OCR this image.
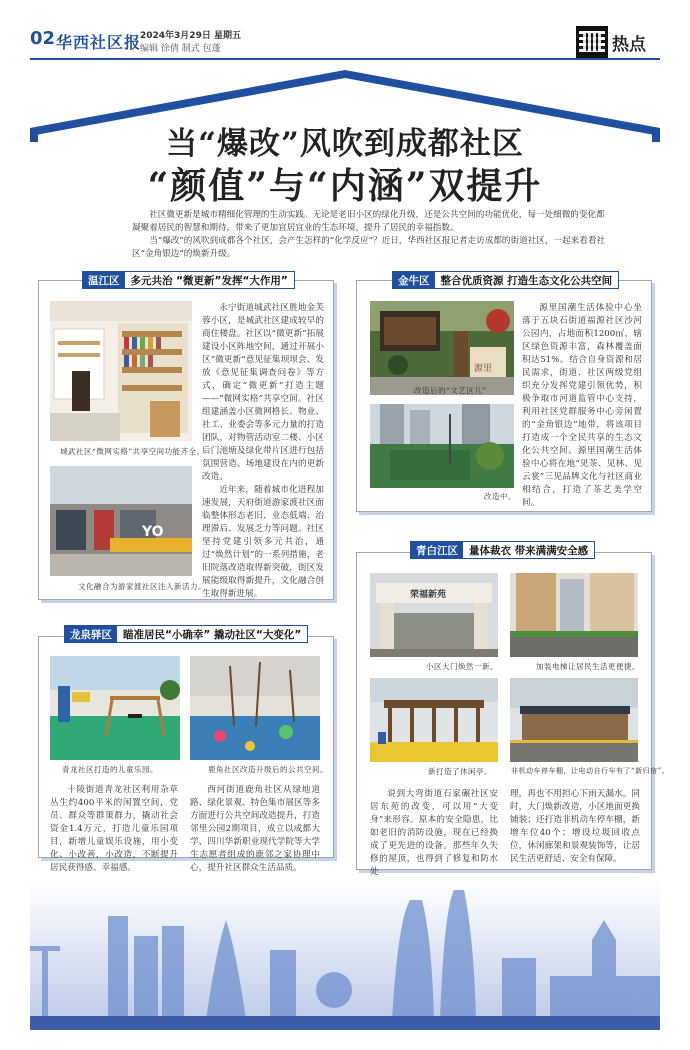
02 华西社区报
2024年3月29日 星期五
编辑 徐倩 制式 包蓬	热点
当“爆改”风吹到成都社区
“颜值”与“内涵”双提升

社区微更新是城市精细化管理的生动实践。无论是老旧小区的绿化升级，还是公共空间的功能优化，每一处细微的变化都凝聚着居民的智慧和期待，带来了更加宜居宜业的生态环境，提升了居民的幸福指数。

当“爆改”的风吹到成都各个社区，会产生怎样的“化学反应”？近日，华西社区报记者走访成都的街道社区，一起来看看社区“金角银边”的焕新升级。

温江区	多元共治 “微更新”发挥“大作用”
城武社区“微网实格”共享空间功能齐全。
YO
文化融合为游家渡社区注入新活力。

永宁街道城武社区胜地金芙蓉小区，是城武社区建成较早的商住楼盘。社区以“微更新”拓展建设小区阵地空间，通过开展小区“微更新”意见征集坝坝会、发放《意见征集调查问卷》等方式，确定“微更新”打造主题——“微网实格”共享空间。社区组建涵盖小区微网格长、物业、社工、业委会等多元力量的打造团队，对物管活动室二楼、小区后门池塘及绿化带片区进行包括氛围营造、场地建设在内的更新改造。

近年来，随着城市化进程加速发展，天府街道游家渡社区面临整体形态老旧、业态低端、治理滞后、发展乏力等问题。社区坚持党建引领多元共治，通过“焕然计划”的一系列措施，老旧院落改造取得新突破，街区发展能级取得新提升，文化融合创生取得新进展。

金牛区	整合优质资源 打造生态文化公共空间
源里
改造后的“文艺区儿”
改造中。

源里国潮生活体验中心坐落于五块石街道福源社区沙河公园内，占地面积1200㎡，辖区绿色资源丰富，森林覆盖面积达51%。结合自身资源和居民需求，街道、社区两级党组织充分发挥党建引领优势，积极争取市河道监管中心支持，利用社区党群服务中心旁闲置的“金角银边”地带，将该项目打造成一个全民共享的生态文化公共空间。源里国潮生活体验中心将在地“见茶、见林、见云裳”三见品牌文化与社区商业相结合，打造了茶艺美学空间。

龙泉驿区	瞄准居民“小确幸” 撬动社区“大变化”
青龙社区打造的儿童乐园。	鹿角社区改造升级后的公共空间。

十陵街道青龙社区利用杂草丛生约400平米的闲置空间，党员、群众等群策群力，撬动社会资金1.4万元，打造儿童乐园项目，新增儿童娱乐设施，用小变化、小改善，小改造，不断提升居民获得感、幸福感。

西河街道鹿角社区从绿地道路、绿化景观、特色集市展区等多方面进行公共空间改造提升，打造邻里公园2期项目，成立以成都大学、四川华新职业现代学院等大学生志愿者组成的鹿邻之家协理中心，提升社区群众生活品质。

青白江区	量体裁衣 带来满满安全感
荣福新苑
小区大门焕然一新。	加装电梯让居民生活更便捷。
新打造了休闲亭。	非机动车停车棚，让电动自行车有了“新归宿”。

说到大弯街道石家碾社区安居东苑的改变，可以用“大变身”来形容。原本的安全隐患，比如老旧的消防设施，现在已经换成了更先进的设备。那些年久失修的屋顶，也得到了修复和防水处

理，再也不用担心下雨天漏水。同时，大门焕新改造，小区地面更换铺装；还打造非机动车停车棚，新增车位40个；增设垃圾回收点位，休闲廊架和景观装饰等，让居民生活更舒适、安全有保障。
